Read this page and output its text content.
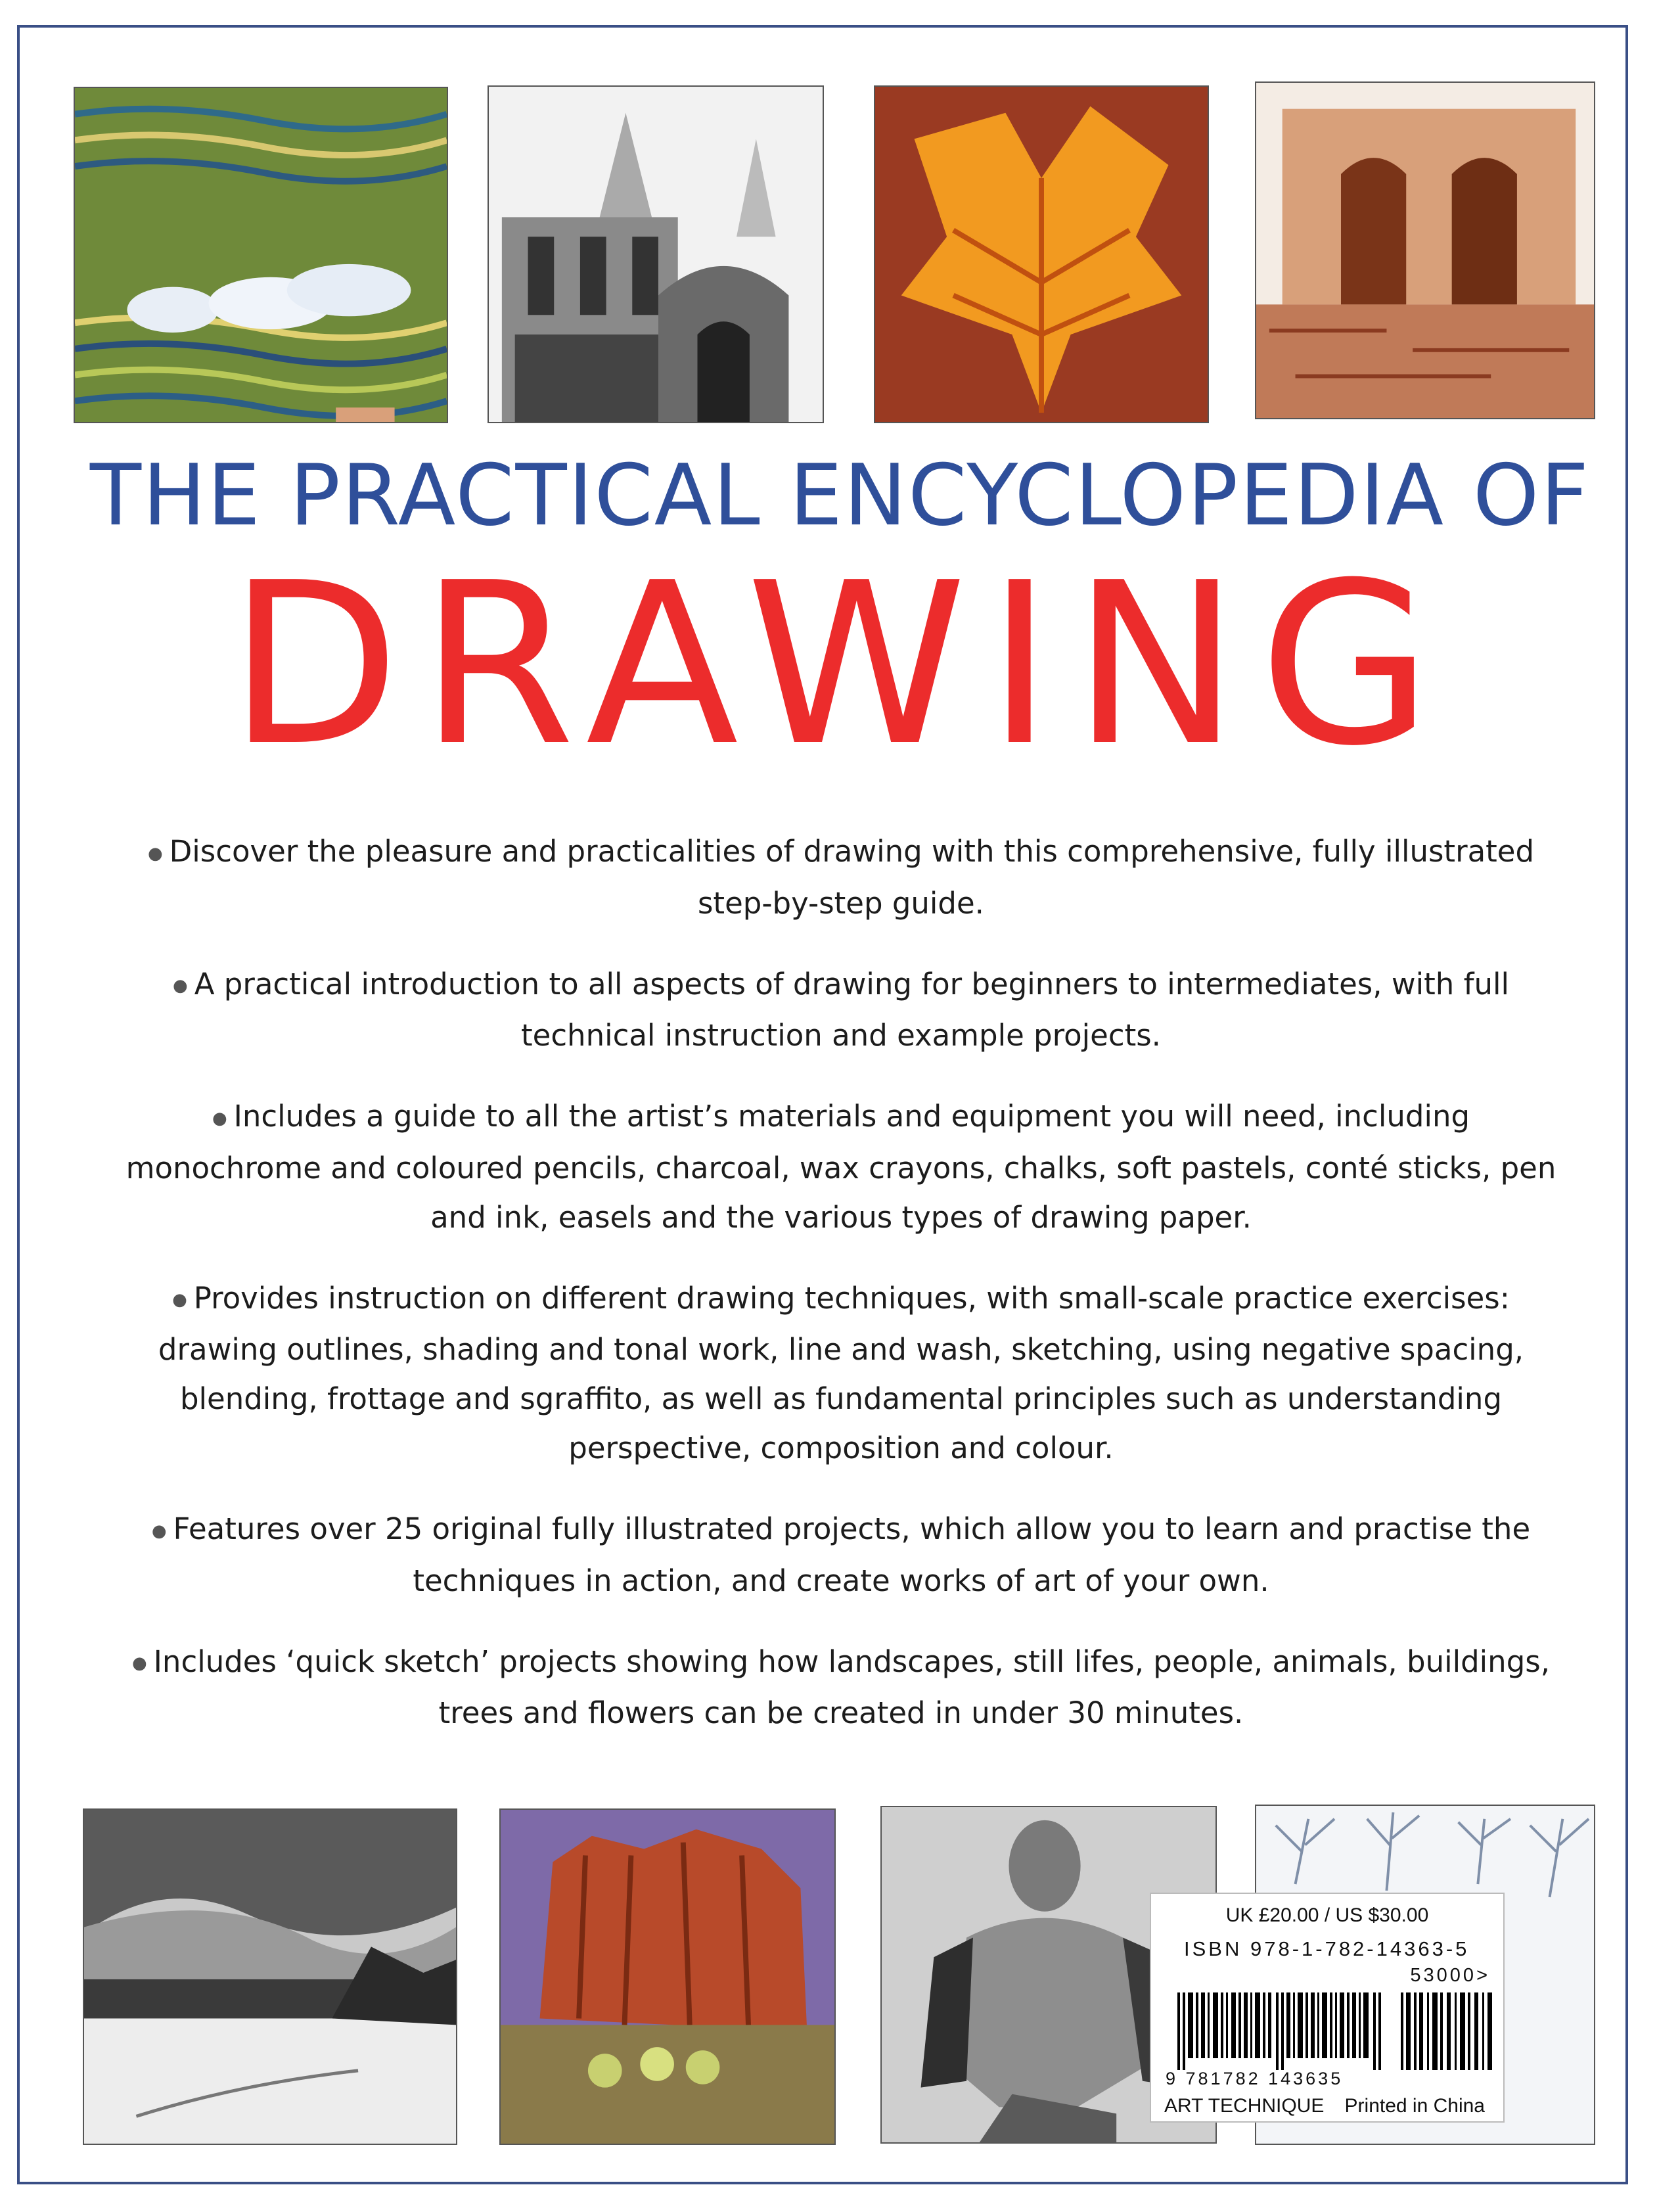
THE PRACTICAL ENCYCLOPEDIA OF
DRAWING

● Discover the pleasure and practicalities of drawing with this comprehensive, fully illustrated step-by-step guide.

● A practical introduction to all aspects of drawing for beginners to intermediates, with full technical instruction and example projects.

● Includes a guide to all the artist’s materials and equipment you will need, including monochrome and coloured pencils, charcoal, wax crayons, chalks, soft pastels, conté sticks, pen and ink, easels and the various types of drawing paper.

● Provides instruction on different drawing techniques, with small-scale practice exercises: drawing outlines, shading and tonal work, line and wash, sketching, using negative spacing, blending, frottage and sgraffito, as well as fundamental principles such as understanding perspective, composition and colour.

● Features over 25 original fully illustrated projects, which allow you to learn and practise the techniques in action, and create works of art of your own.

● Includes ‘quick sketch’ projects showing how landscapes, still lifes, people, animals, buildings, trees and flowers can be created in under 30 minutes.

UK £20.00 / US $30.00
ISBN 978-1-782-14363-5
53000>
9 781782 143635
ART TECHNIQUE Printed in China
